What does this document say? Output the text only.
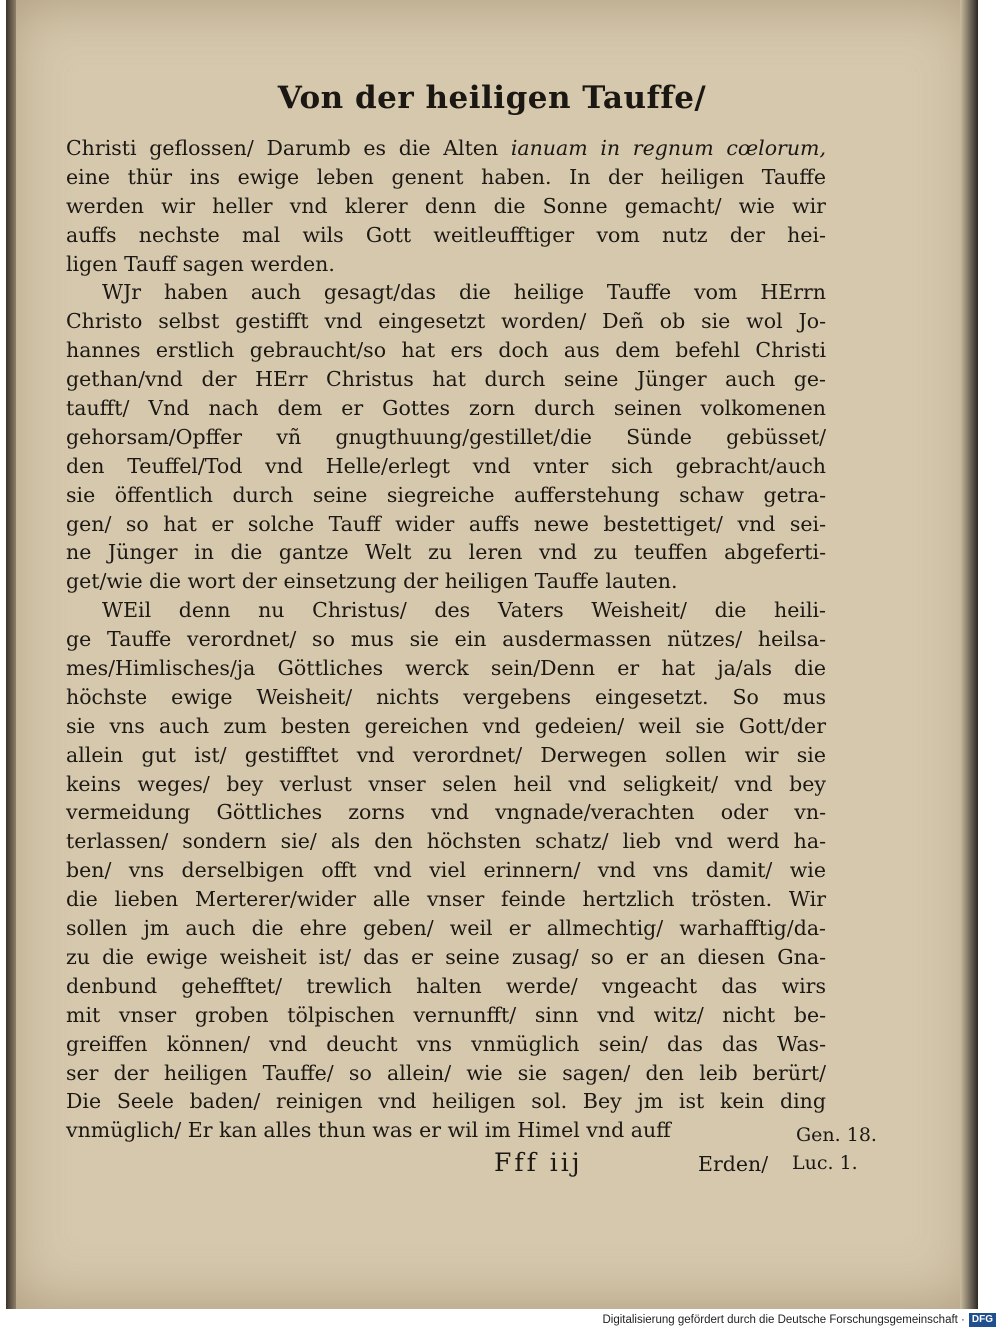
Von der heiligen Tauffe/
Christi geflossen/ Darumb es die Alten ianuam in regnum cœlorum,
eine thür ins ewige leben genent haben. In der heiligen Tauffe
werden wir heller vnd klerer denn die Sonne gemacht/ wie wir
auffs nechste mal wils Gott weitleufftiger vom nutz der hei-
ligen Tauff sagen werden.
WJr haben auch gesagt/das die heilige Tauffe vom HErrn
Christo selbst gestifft vnd eingesetzt worden/ Deñ ob sie wol Jo-
hannes erstlich gebraucht/so hat ers doch aus dem befehl Christi
gethan/vnd der HErr Christus hat durch seine Jünger auch ge-
taufft/ Vnd nach dem er Gottes zorn durch seinen volkomenen
gehorsam/Opffer vñ gnugthuung/gestillet/die Sünde gebüsset/
den Teuffel/Tod vnd Helle/erlegt vnd vnter sich gebracht/auch
sie öffentlich durch seine siegreiche aufferstehung schaw getra-
gen/ so hat er solche Tauff wider auffs newe bestettiget/ vnd sei-
ne Jünger in die gantze Welt zu leren vnd zu teuffen abgeferti-
get/wie die wort der einsetzung der heiligen Tauffe lauten.
WEil denn nu Christus/ des Vaters Weisheit/ die heili-
ge Tauffe verordnet/ so mus sie ein ausdermassen nützes/ heilsa-
mes/Himlisches/ja Göttliches werck sein/Denn er hat ja/als die
höchste ewige Weisheit/ nichts vergebens eingesetzt. So mus
sie vns auch zum besten gereichen vnd gedeien/ weil sie Gott/der
allein gut ist/ gestifftet vnd verordnet/ Derwegen sollen wir sie
keins weges/ bey verlust vnser selen heil vnd seligkeit/ vnd bey
vermeidung Göttliches zorns vnd vngnade/verachten oder vn-
terlassen/ sondern sie/ als den höchsten schatz/ lieb vnd werd ha-
ben/ vns derselbigen offt vnd viel erinnern/ vnd vns damit/ wie
die lieben Merterer/wider alle vnser feinde hertzlich trösten. Wir
sollen jm auch die ehre geben/ weil er allmechtig/ warhafftig/da-
zu die ewige weisheit ist/ das er seine zusag/ so er an diesen Gna-
denbund gehefftet/ trewlich halten werde/ vngeacht das wirs
mit vnser groben tölpischen vernunfft/ sinn vnd witz/ nicht be-
greiffen können/ vnd deucht vns vnmüglich sein/ das das Was-
ser der heiligen Tauffe/ so allein/ wie sie sagen/ den leib berürt/
Die Seele baden/ reinigen vnd heiligen sol. Bey jm ist kein ding
vnmüglich/ Er kan alles thun was er wil im Himel vnd auff	Gen. 18.
Fff iij	Erden/ Luc. 1.
Digitalisierung gefördert durch die Deutsche Forschungsgemeinschaft · DFG
